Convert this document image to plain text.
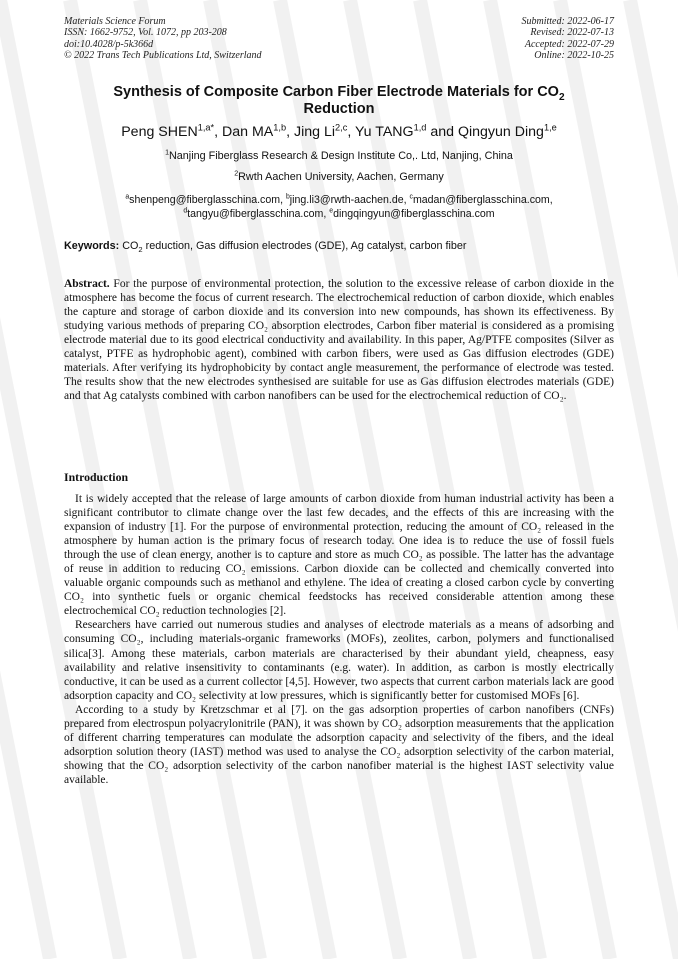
Materials Science Forum
ISSN: 1662-9752, Vol. 1072, pp 203-208
doi:10.4028/p-5k366d
© 2022 Trans Tech Publications Ltd, Switzerland
Submitted: 2022-06-17
Revised: 2022-07-13
Accepted: 2022-07-29
Online: 2022-10-25
Synthesis of Composite Carbon Fiber Electrode Materials for $CO_2$
Reduction
Peng $SHEN^{1,a*}$, Dan MA$^{1,b}$, Jing Li$^{2,c}$, Yu TANG$^{1,d}$ and Qingyun Ding$^{1,e}$
$^1$Nanjing Fiberglass Research & Design Institute Co,. Ltd, Nanjing, China
$^2$Rwth Aachen University, Aachen, Germany
$^a$shenpeng@fiberglasschina.com, $^b$jing.li3@rwth-aachen.de, $^c$madan@fiberglasschina.com,
$^d$tangyu@fiberglasschina.com, $^e$dingqingyun@fiberglasschina.com
Keywords: $CO_2$ reduction, Gas diffusion electrodes (GDE), Ag catalyst, carbon fiber

Abstract. For the purpose of environmental protection, the solution to the excessive release of carbon dioxide in the atmosphere has become the focus of current research. The electrochemical reduction of carbon dioxide, which enables the capture and storage of carbon dioxide and its conversion into new compounds, has shown its effectiveness. By studying various methods of preparing CO₂ absorption electrodes, Carbon fiber material is considered as a promising electrode material due to its good electrical conductivity and availability. In this paper, Ag/PTFE composites (Silver as catalyst, PTFE as hydrophobic agent), combined with carbon fibers, were used as Gas diffusion electrodes (GDE) materials. After verifying its hydrophobicity by contact angle measurement, the performance of electrode was tested. The results show that the new electrodes synthesised are suitable for use as Gas diffusion electrodes materials (GDE) and that Ag catalysts combined with carbon nanofibers can be used for the electrochemical reduction of CO₂.

Introduction

It is widely accepted that the release of large amounts of carbon dioxide from human industrial activity has been a significant contributor to climate change over the last few decades, and the effects of this are increasing with the expansion of industry [1]. For the purpose of environmental protection, reducing the amount of CO₂ released in the atmosphere by human action is the primary focus of research today. One idea is to reduce the use of fossil fuels through the use of clean energy, another is to capture and store as much CO₂ as possible. The latter has the advantage of reuse in addition to reducing CO₂ emissions. Carbon dioxide can be collected and chemically converted into valuable organic compounds such as methanol and ethylene. The idea of creating a closed carbon cycle by converting CO₂ into synthetic fuels or organic chemical feedstocks has received considerable attention among these electrochemical CO₂ reduction technologies [2].

Researchers have carried out numerous studies and analyses of electrode materials as a means of adsorbing and consuming CO₂, including materials-organic frameworks (MOFs), zeolites, carbon, polymers and functionalised silica[3]. Among these materials, carbon materials are characterised by their abundant yield, cheapness, easy availability and relative insensitivity to contaminants (e.g. water). In addition, as carbon is mostly electrically conductive, it can be used as a current collector [4,5]. However, two aspects that current carbon materials lack are good adsorption capacity and CO₂ selectivity at low pressures, which is significantly better for customised MOFs [6].

According to a study by Kretzschmar et al [7]. on the gas adsorption properties of carbon nanofibers (CNFs) prepared from electrospun polyacrylonitrile (PAN), it was shown by CO₂ adsorption measurements that the application of different charring temperatures can modulate the adsorption capacity and selectivity of the fibers, and the ideal adsorption solution theory (IAST) method was used to analyse the CO₂ adsorption selectivity of the carbon material, showing that the CO₂ adsorption selectivity of the carbon nanofiber material is the highest IAST selectivity value available.
